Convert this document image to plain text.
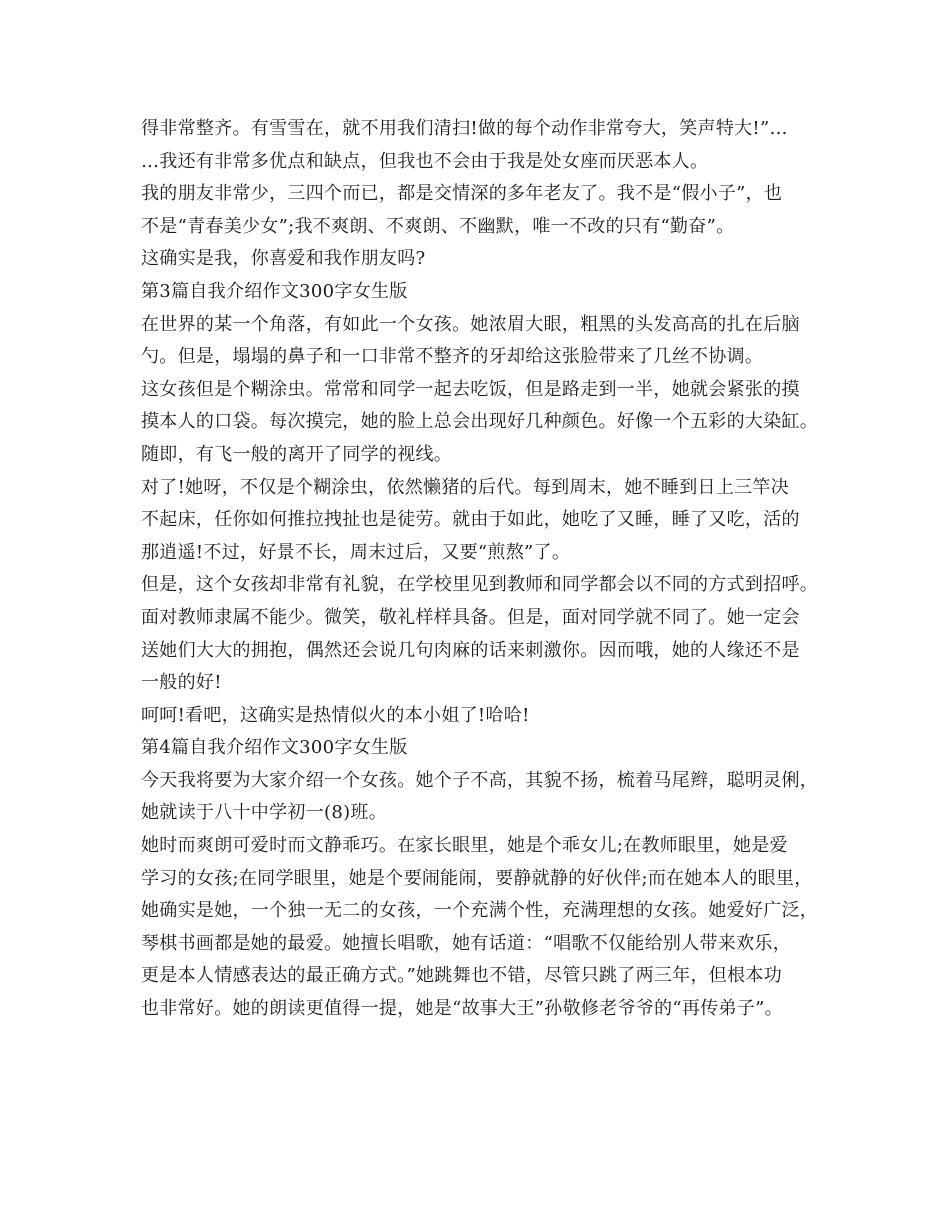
得非常整齐。有雪雪在，就不用我们清扫!做的每个动作非常夸大，笑声特大!”…
…我还有非常多优点和缺点，但我也不会由于我是处女座而厌恶本人。
我的朋友非常少，三四个而已，都是交情深的多年老友了。我不是“假小子”，也
不是“青春美少女”;我不爽朗、不爽朗、不幽默，唯一不改的只有“勤奋”。
这确实是我，你喜爱和我作朋友吗?
第3篇自我介绍作文300字女生版
在世界的某一个角落，有如此一个女孩。她浓眉大眼，粗黑的头发高高的扎在后脑
勺。但是，塌塌的鼻子和一口非常不整齐的牙却给这张脸带来了几丝不协调。
这女孩但是个糊涂虫。常常和同学一起去吃饭，但是路走到一半，她就会紧张的摸
摸本人的口袋。每次摸完，她的脸上总会出现好几种颜色。好像一个五彩的大染缸。
随即，有飞一般的离开了同学的视线。
对了!她呀，不仅是个糊涂虫，依然懒猪的后代。每到周末，她不睡到日上三竿决
不起床，任你如何推拉拽扯也是徒劳。就由于如此，她吃了又睡，睡了又吃，活的
那逍遥!不过，好景不长，周末过后，又要“煎熬”了。
但是，这个女孩却非常有礼貌，在学校里见到教师和同学都会以不同的方式到招呼。
面对教师隶属不能少。微笑，敬礼样样具备。但是，面对同学就不同了。她一定会
送她们大大的拥抱，偶然还会说几句肉麻的话来刺激你。因而哦，她的人缘还不是
一般的好!
呵呵!看吧，这确实是热情似火的本小姐了!哈哈!
第4篇自我介绍作文300字女生版
今天我将要为大家介绍一个女孩。她个子不高，其貌不扬，梳着马尾辫，聪明灵俐，
她就读于八十中学初一(8)班。
她时而爽朗可爱时而文静乖巧。在家长眼里，她是个乖女儿;在教师眼里，她是爱
学习的女孩;在同学眼里，她是个要闹能闹，要静就静的好伙伴;而在她本人的眼里，
她确实是她，一个独一无二的女孩，一个充满个性，充满理想的女孩。她爱好广泛，
琴棋书画都是她的最爱。她擅长唱歌，她有话道：“唱歌不仅能给别人带来欢乐，
更是本人情感表达的最正确方式。”她跳舞也不错，尽管只跳了两三年，但根本功
也非常好。她的朗读更值得一提，她是“故事大王”孙敬修老爷爷的“再传弟子”。
